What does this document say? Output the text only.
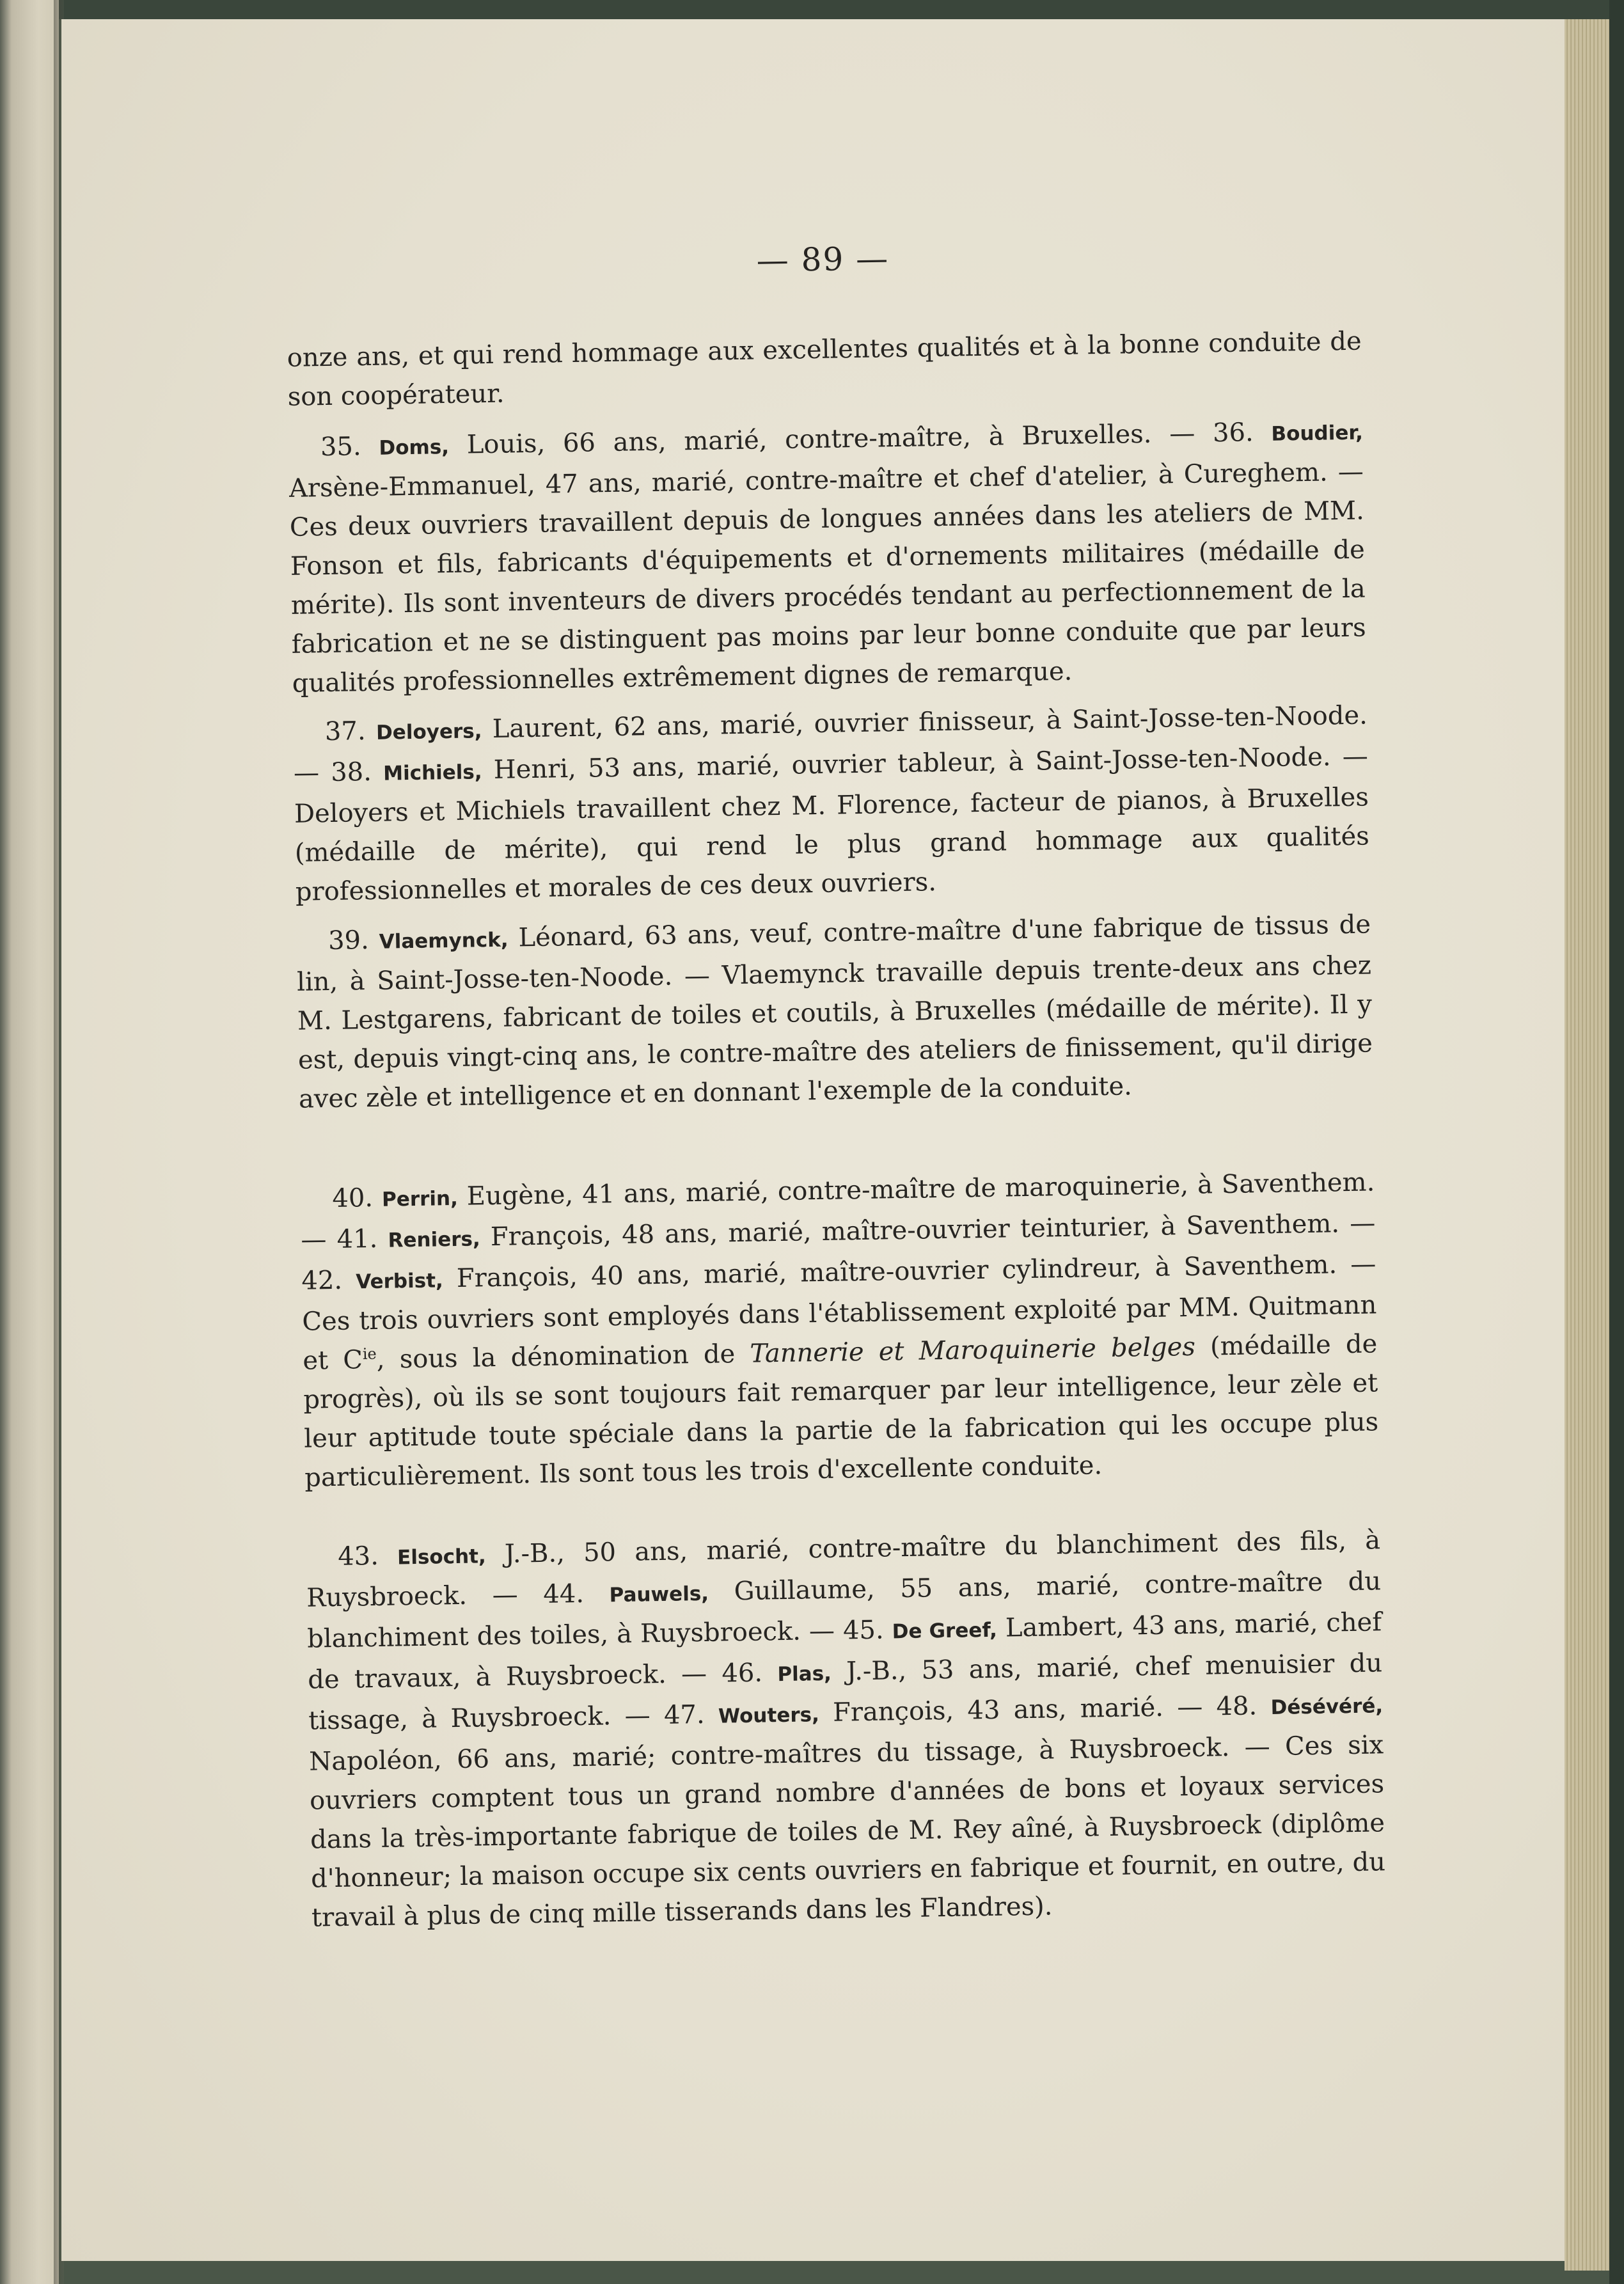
— 89 —

onze ans, et qui rend hommage aux excellentes qualités et à la bonne conduite de son coopérateur.

35. Doms, Louis, 66 ans, marié, contre-maître, à Bruxelles. — 36. Boudier, Arsène-Emmanuel, 47 ans, marié, contre-maître et chef d'atelier, à Cureghem. — Ces deux ouvriers travaillent depuis de longues années dans les ateliers de MM. Fonson et fils, fabricants d'équipements et d'ornements militaires (médaille de mérite). Ils sont inventeurs de divers procédés tendant au perfectionnement de la fabrication et ne se distinguent pas moins par leur bonne conduite que par leurs qualités professionnelles extrêmement dignes de remarque.

37. Deloyers, Laurent, 62 ans, marié, ouvrier finisseur, à Saint-Josse-ten-Noode. — 38. Michiels, Henri, 53 ans, marié, ouvrier tableur, à Saint-Josse-ten-Noode. — Deloyers et Michiels travaillent chez M. Florence, facteur de pianos, à Bruxelles (médaille de mérite), qui rend le plus grand hommage aux qualités professionnelles et morales de ces deux ouvriers.

39. Vlaemynck, Léonard, 63 ans, veuf, contre-maître d'une fabrique de tissus de lin, à Saint-Josse-ten-Noode. — Vlaemynck travaille depuis trente-deux ans chez M. Lestgarens, fabricant de toiles et coutils, à Bruxelles (médaille de mérite). Il y est, depuis vingt-cinq ans, le contre-maître des ateliers de finissement, qu'il dirige avec zèle et intelligence et en donnant l'exemple de la conduite.

40. Perrin, Eugène, 41 ans, marié, contre-maître de maroquinerie, à Saventhem. — 41. Reniers, François, 48 ans, marié, maître-ouvrier teinturier, à Saventhem. — 42. Verbist, François, 40 ans, marié, maître-ouvrier cylindreur, à Saventhem. — Ces trois ouvriers sont employés dans l'établissement exploité par MM. Quitmann et $C^{ie}$, sous la dénomination de Tannerie et Maroquinerie belges (médaille de progrès), où ils se sont toujours fait remarquer par leur intelligence, leur zèle et leur aptitude toute spéciale dans la partie de la fabrication qui les occupe plus particulièrement. Ils sont tous les trois d'excellente conduite.

43. Elsocht, J.-B., 50 ans, marié, contre-maître du blanchiment des fils, à Ruysbroeck. — 44. Pauwels, Guillaume, 55 ans, marié, contre-maître du blanchiment des toiles, à Ruysbroeck. — 45. De Greef, Lambert, 43 ans, marié, chef de travaux, à Ruysbroeck. — 46. Plas, J.-B., 53 ans, marié, chef menuisier du tissage, à Ruysbroeck. — 47. Wouters, François, 43 ans, marié. — 48. Désévéré, Napoléon, 66 ans, marié; contre-maîtres du tissage, à Ruysbroeck. — Ces six ouvriers comptent tous un grand nombre d'années de bons et loyaux services dans la très-importante fabrique de toiles de M. Rey aîné, à Ruysbroeck (diplôme d'honneur; la maison occupe six cents ouvriers en fabrique et fournit, en outre, du travail à plus de cinq mille tisserands dans les Flandres).
